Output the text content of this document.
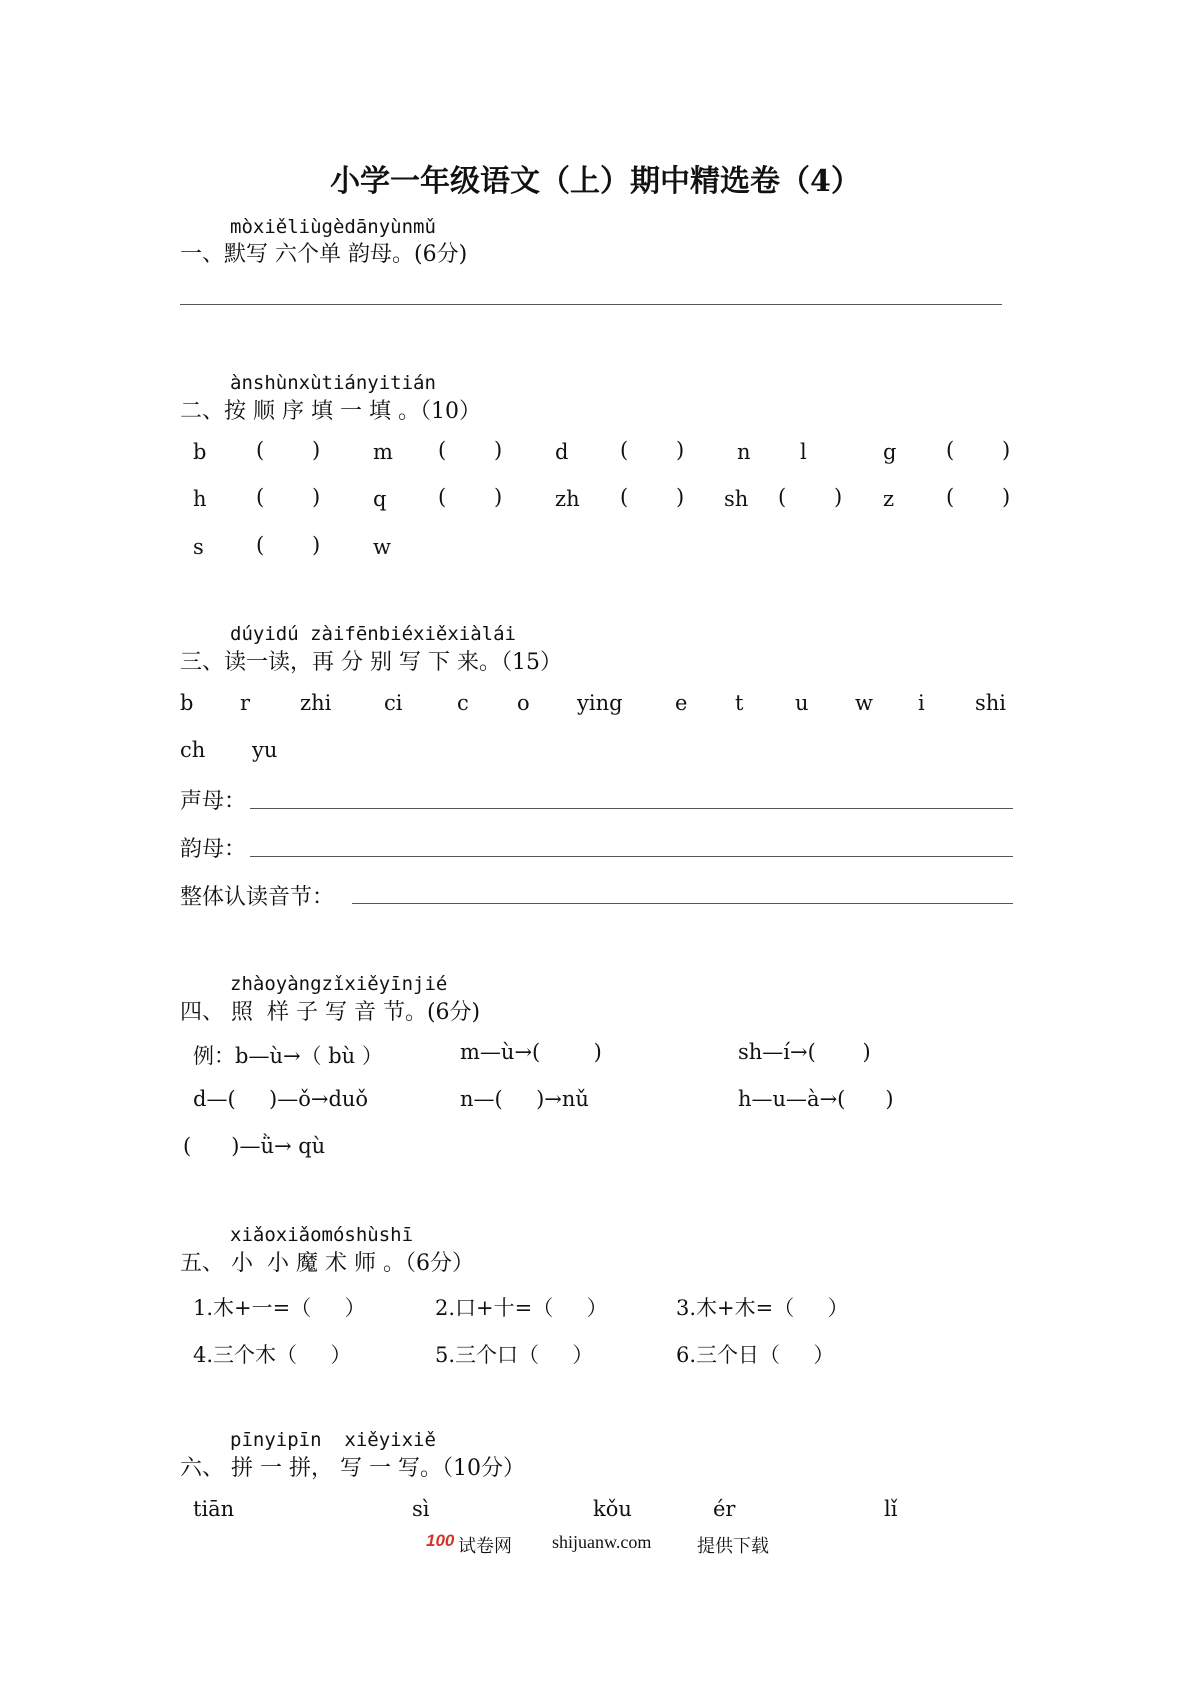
小学一年级语文（上）期中精选卷（4）
mòxiěliùgèdānyùnmǔ
一、默写 六个单 韵母。(6分)
ànshùnxùtiányitián
二、按 顺 序 填 一 填 。（10）
b ( )	m ( )	d ( )	n l	g ( )
h ( )	q ( )	zh ( ) sh ( ) z ( )
s ( )	w
dúyidú zàifēnbiéxiěxiàlái
三、读一读，再 分 别 写 下 来。（15）
b r zhi	ci	c o ying e t u w i shi
ch yu
声母：
韵母：
整体认读音节：
zhàoyàngzǐxiěyīnjié
四、 照  样 子 写 音 节。(6分)
例：b—ù→（ bù ）	m—ù→(        )	sh—í→(       )
d—(     )—ǒ→duǒ	n—(     )→nǔ	h—u—à→(      )
(      )—ǜ→ qù
xiǎoxiǎomóshùshī
五、 小  小 魔 术 师 。（6分）
1.木+一=（     ）	2.口+十=（     ）	3.木+木=（     ）
4.三个木（     ）	5.三个口（     ）	6.三个日（     ）
pīnyipīn  xiěyixiě
六、 拼 一 拼， 写 一 写。（10分）
tiān	sì	kǒu	ér	lǐ
100 试卷网 shijuanw.com	提供下载
